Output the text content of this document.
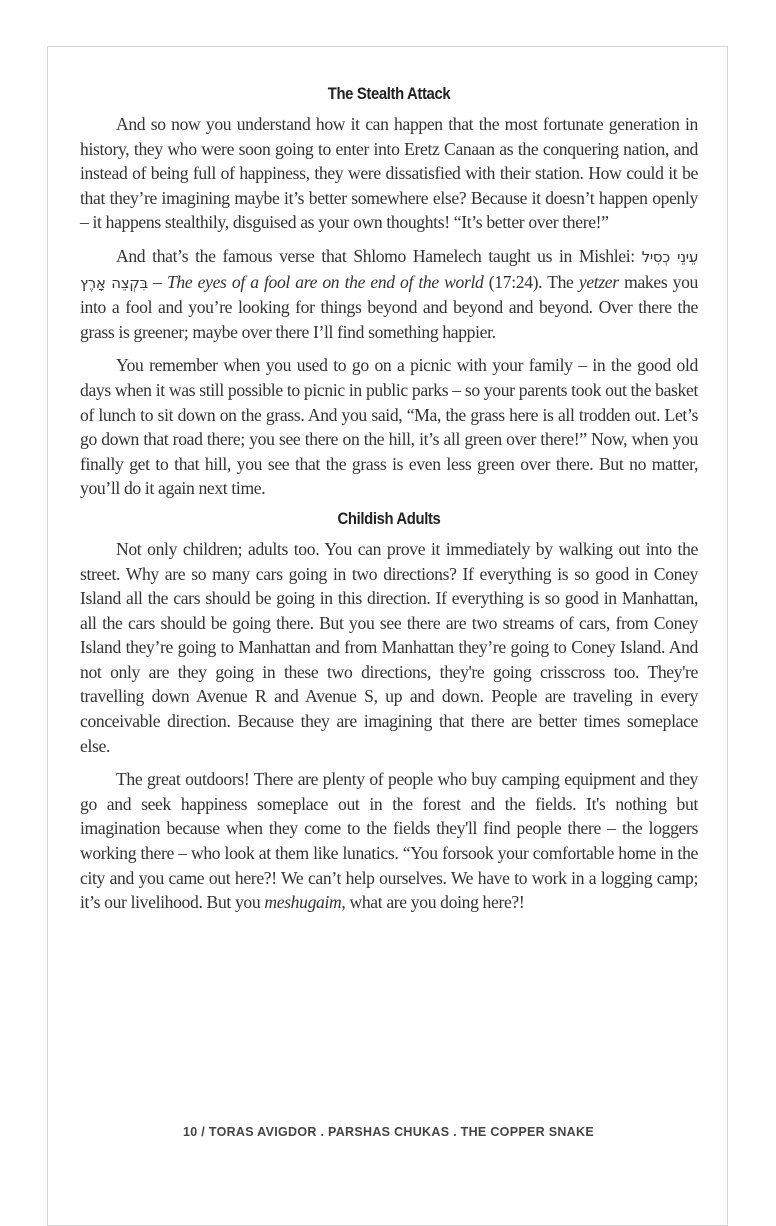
The Stealth Attack

And so now you understand how it can happen that the most fortunate generation in history, they who were soon going to enter into Eretz Canaan as the conquering nation, and instead of being full of happiness, they were dissatisfied with their station. How could it be that they’re imagining maybe it’s better somewhere else? Because it doesn’t happen openly – it happens stealthily, disguised as your own thoughts! “It’s better over there!”

And that’s the famous verse that Shlomo Hamelech taught us in Mishlei: עֵינֵי כְסִיל בִּקְצֵה אָרֶץ – The eyes of a fool are on the end of the world (17:24). The yetzer makes you into a fool and you’re looking for things beyond and beyond and beyond. Over there the grass is greener; maybe over there I’ll find something happier.

You remember when you used to go on a picnic with your family – in the good old days when it was still possible to picnic in public parks – so your parents took out the basket of lunch to sit down on the grass. And you said, “Ma, the grass here is all trodden out. Let’s go down that road there; you see there on the hill, it’s all green over there!” Now, when you finally get to that hill, you see that the grass is even less green over there. But no matter, you’ll do it again next time.

Childish Adults

Not only children; adults too. You can prove it immediately by walking out into the street. Why are so many cars going in two directions? If everything is so good in Coney Island all the cars should be going in this direction. If everything is so good in Manhattan, all the cars should be going there. But you see there are two streams of cars, from Coney Island they’re going to Manhattan and from Manhattan they’re going to Coney Island. And not only are they going in these two directions, they're going crisscross too. They're travelling down Avenue R and Avenue S, up and down. People are traveling in every conceivable direction. Because they are imagining that there are better times someplace else.

The great outdoors! There are plenty of people who buy camping equipment and they go and seek happiness someplace out in the forest and the fields. It's nothing but imagination because when they come to the fields they'll find people there – the loggers working there – who look at them like lunatics. “You forsook your comfortable home in the city and you came out here?! We can’t help ourselves. We have to work in a logging camp; it’s our livelihood. But you meshugaim, what are you doing here?!

10 / TORAS AVIGDOR . PARSHAS CHUKAS . THE COPPER SNAKE
